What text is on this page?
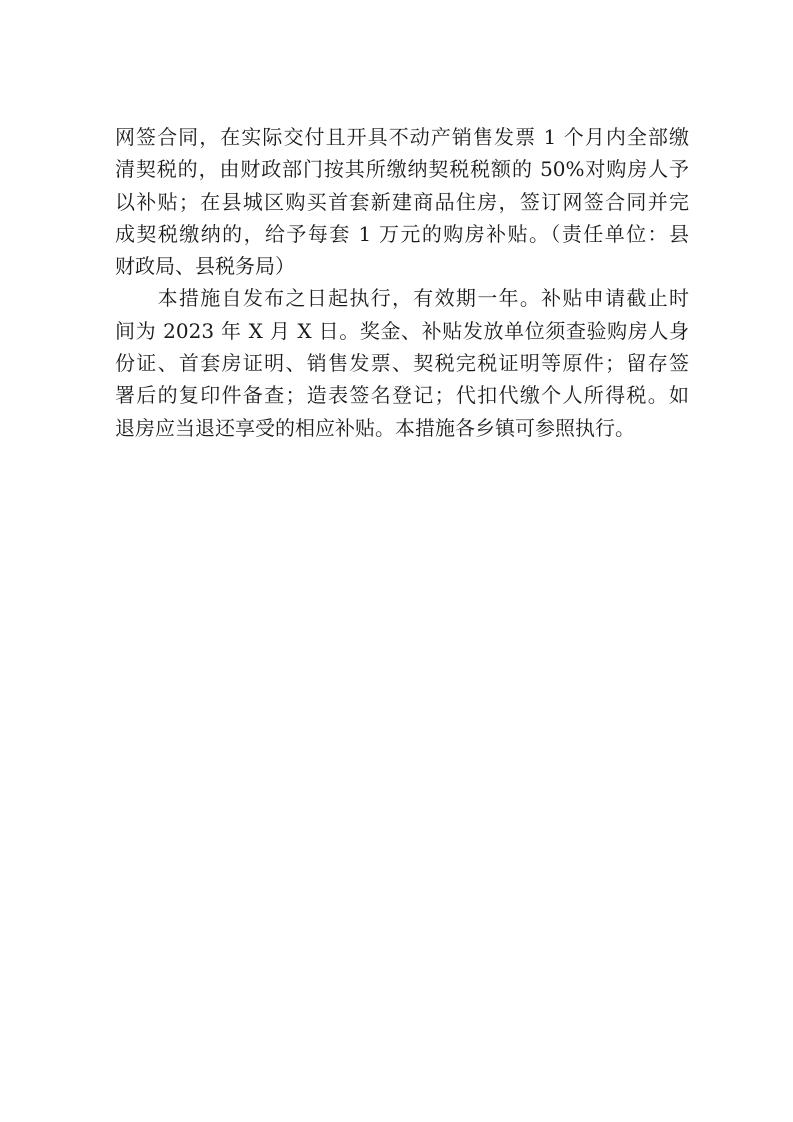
网签合同，在实际交付且开具不动产销售发票 1 个月内全部缴
清契税的，由财政部门按其所缴纳契税税额的 50%对购房人予
以补贴；在县城区购买首套新建商品住房，签订网签合同并完
成契税缴纳的，给予每套 1 万元的购房补贴。（责任单位：县
财政局、县税务局）
　　本措施自发布之日起执行，有效期一年。补贴申请截止时
间为 2023 年 X 月 X 日。奖金、补贴发放单位须查验购房人身
份证、首套房证明、销售发票、契税完税证明等原件；留存签
署后的复印件备查；造表签名登记；代扣代缴个人所得税。如
退房应当退还享受的相应补贴。本措施各乡镇可参照执行。
